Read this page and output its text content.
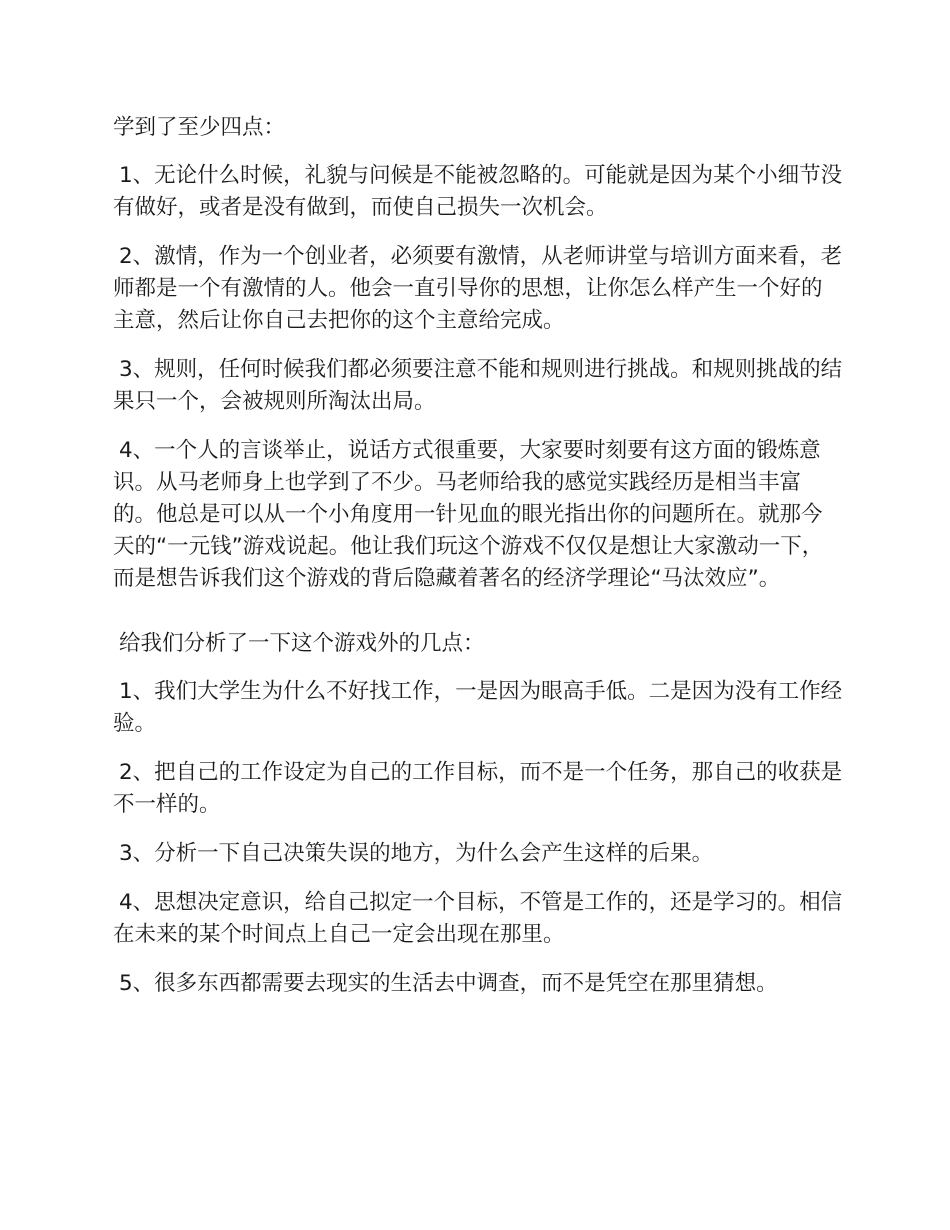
学到了至少四点：

1、无论什么时候，礼貌与问候是不能被忽略的。可能就是因为某个小细节没有做好，或者是没有做到，而使自己损失一次机会。

2、激情，作为一个创业者，必须要有激情，从老师讲堂与培训方面来看，老师都是一个有激情的人。他会一直引导你的思想，让你怎么样产生一个好的主意，然后让你自己去把你的这个主意给完成。

3、规则，任何时候我们都必须要注意不能和规则进行挑战。和规则挑战的结果只一个，会被规则所淘汰出局。

4、一个人的言谈举止，说话方式很重要，大家要时刻要有这方面的锻炼意识。从马老师身上也学到了不少。马老师给我的感觉实践经历是相当丰富的。他总是可以从一个小角度用一针见血的眼光指出你的问题所在。就那今天的“一元钱”游戏说起。他让我们玩这个游戏不仅仅是想让大家激动一下，而是想告诉我们这个游戏的背后隐藏着著名的经济学理论“马汰效应”。

给我们分析了一下这个游戏外的几点：

1、我们大学生为什么不好找工作，一是因为眼高手低。二是因为没有工作经验。

2、把自己的工作设定为自己的工作目标，而不是一个任务，那自己的收获是不一样的。

3、分析一下自己决策失误的地方，为什么会产生这样的后果。

4、思想决定意识，给自己拟定一个目标，不管是工作的，还是学习的。相信在未来的某个时间点上自己一定会出现在那里。

5、很多东西都需要去现实的生活去中调查，而不是凭空在那里猜想。
